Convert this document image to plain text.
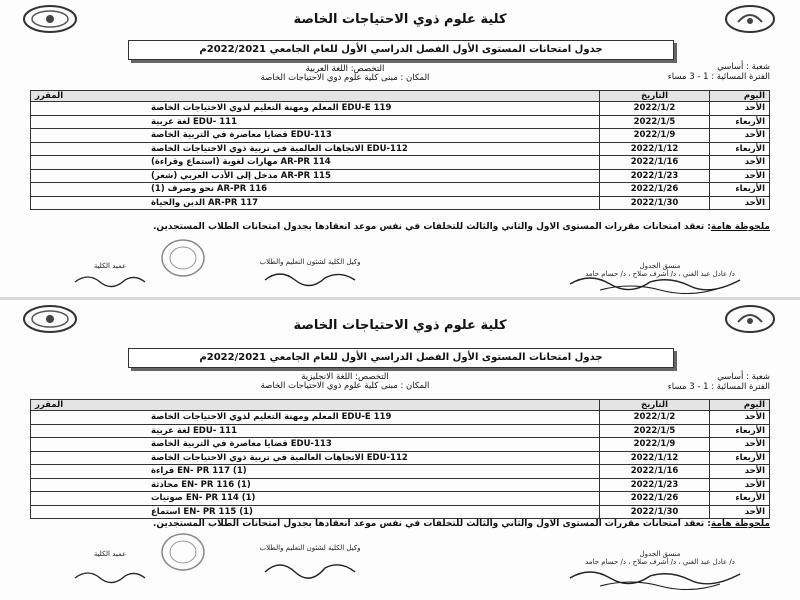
كلية علوم ذوي الاحتياجات الخاصة
جدول امتحانات المستوى الأول الفصل الدراسي الأول للعام الجامعي 2022/2021م
شعبة : أساسي
الفترة المسائية : 1 - 3 مساء
التخصص: اللغة العربية
المكان : مبنى كلية علوم ذوي الاحتياجات الخاصة
اليوم	التاريخ	المقرر
الأحد	2022/1/2	EDU-E 119 المعلم ومهنة التعليم لذوي الاحتياجات الخاصة
الأربعاء	2022/1/5	EDU- 111 لغة عربية
الأحد	2022/1/9	EDU-113 قضايا معاصرة في التربية الخاصة
الأربعاء	2022/1/12	EDU-112 الاتجاهات العالمية في تربية ذوي الاحتياجات الخاصة
الأحد	2022/1/16	AR-PR 114 مهارات لغوية (استماع وقراءة)
الأحد	2022/1/23	AR-PR 115 مدخل إلى الأدب العربي (شعر)
الأربعاء	2022/1/26	AR-PR 116 نحو وصرف (1)
الأحد	2022/1/30	AR-PR 117 الدين والحياة
ملحوظة هامة: تعقد امتحانات مقررات المستوى الاول والثاني والثالث للتخلفات في نفس موعد انعقادها بجدول امتحانات الطلاب المستجدين.
منسق الجدول
د/ عادل عبد الغني ، د/ أشرف صلاح ، د/ حسام حامد
وكيل الكلية لشئون التعليم والطلاب
عميد الكلية
كلية علوم ذوي الاحتياجات الخاصة
جدول امتحانات المستوى الأول الفصل الدراسي الأول للعام الجامعي 2022/2021م
شعبة : أساسي
الفترة المسائية : 1 - 3 مساء
التخصص: اللغة الانجليزية
المكان : مبنى كلية علوم ذوي الاحتياجات الخاصة
اليوم	التاريخ	المقرر
الأحد	2022/1/2	EDU-E 119 المعلم ومهنة التعليم لذوي الاحتياجات الخاصة
الأربعاء	2022/1/5	EDU- 111 لغة عربية
الأحد	2022/1/9	EDU-113 قضايا معاصرة في التربية الخاصة
الأربعاء	2022/1/12	EDU-112 الاتجاهات العالمية في تربية ذوي الاحتياجات الخاصة
الأحد	2022/1/16	EN- PR 117 (1) قراءة
الأحد	2022/1/23	EN- PR 116 (1) محادثة
الأربعاء	2022/1/26	EN- PR 114 (1) صوتيات
الأحد	2022/1/30	EN- PR 115 (1) استماع
ملحوظة هامة: تعقد امتحانات مقررات المستوى الاول والثاني والثالث للتخلفات في نفس موعد انعقادها بجدول امتحانات الطلاب المستجدين.
منسق الجدول
د/ عادل عبد الغني ، د/ أشرف صلاح ، د/ حسام حامد
وكيل الكلية لشئون التعليم والطلاب
عميد الكلية
